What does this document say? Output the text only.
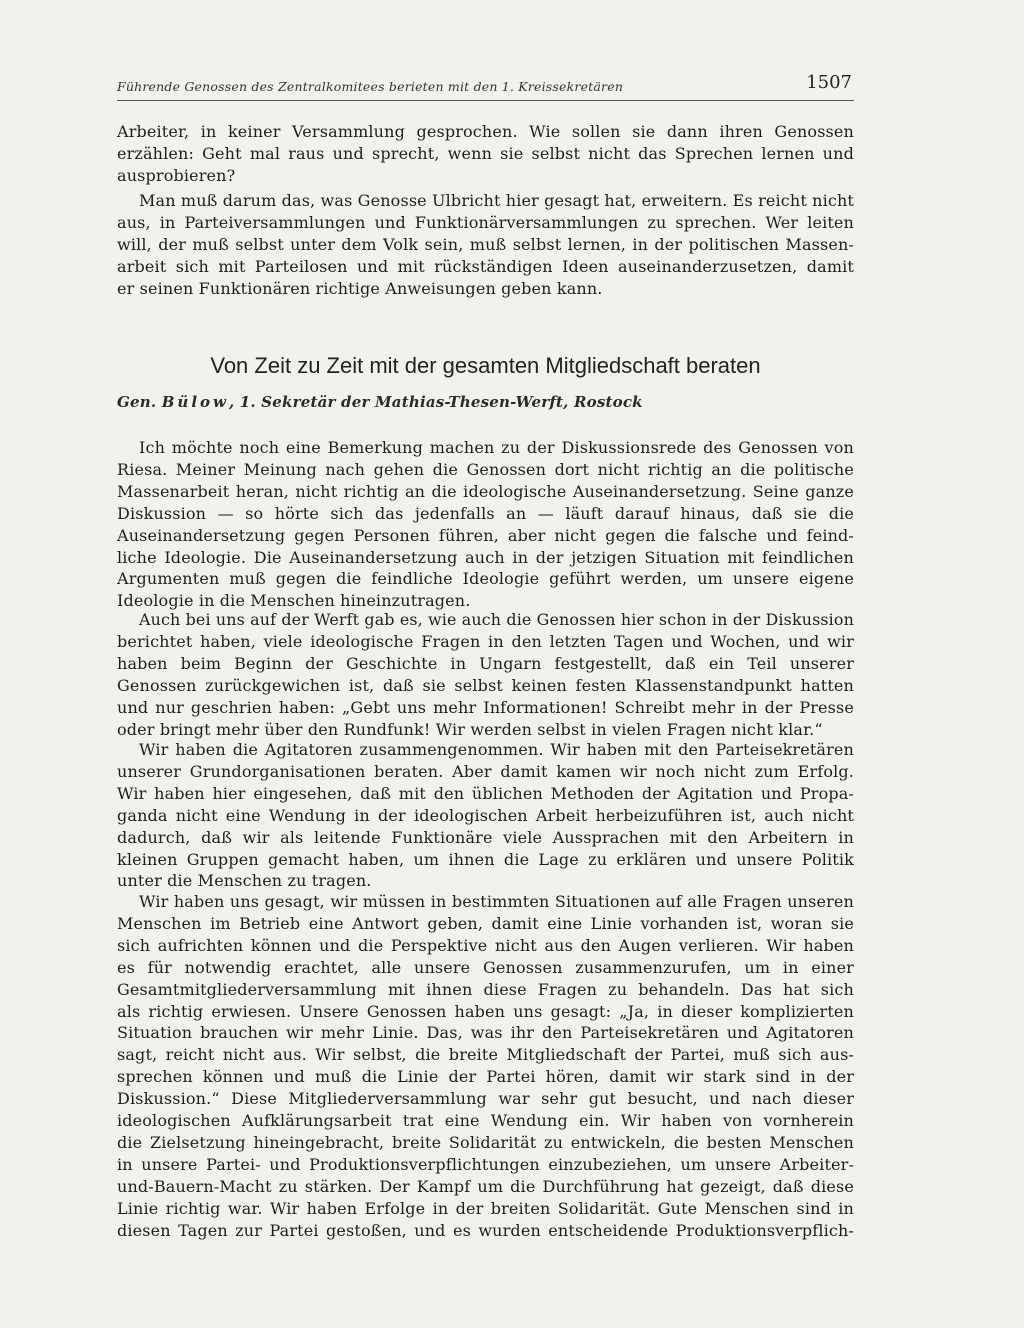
Führende Genossen des Zentralkomitees berieten mit den 1. Kreissekretären	1507
Arbeiter, in keiner Versammlung gesprochen. Wie sollen sie dann ihren Genossen
erzählen: Geht mal raus und sprecht, wenn sie selbst nicht das Sprechen lernen und
ausprobieren?
Man muß darum das, was Genosse Ulbricht hier gesagt hat, erweitern. Es reicht nicht
aus, in Parteiversammlungen und Funktionärversammlungen zu sprechen. Wer leiten
will, der muß selbst unter dem Volk sein, muß selbst lernen, in der politischen Massen-
arbeit sich mit Parteilosen und mit rückständigen Ideen auseinanderzusetzen, damit
er seinen Funktionären richtige Anweisungen geben kann.
Von Zeit zu Zeit mit der gesamten Mitgliedschaft beraten
Gen. Bülow, 1. Sekretär der Mathias-Thesen-Werft, Rostock
Ich möchte noch eine Bemerkung machen zu der Diskussionsrede des Genossen von
Riesa. Meiner Meinung nach gehen die Genossen dort nicht richtig an die politische
Massenarbeit heran, nicht richtig an die ideologische Auseinandersetzung. Seine ganze
Diskussion — so hörte sich das jedenfalls an — läuft darauf hinaus, daß sie die
Auseinandersetzung gegen Personen führen, aber nicht gegen die falsche und feind-
liche Ideologie. Die Auseinandersetzung auch in der jetzigen Situation mit feindlichen
Argumenten muß gegen die feindliche Ideologie geführt werden, um unsere eigene
Ideologie in die Menschen hineinzutragen.
Auch bei uns auf der Werft gab es, wie auch die Genossen hier schon in der Diskussion
berichtet haben, viele ideologische Fragen in den letzten Tagen und Wochen, und wir
haben beim Beginn der Geschichte in Ungarn festgestellt, daß ein Teil unserer
Genossen zurückgewichen ist, daß sie selbst keinen festen Klassenstandpunkt hatten
und nur geschrien haben: „Gebt uns mehr Informationen! Schreibt mehr in der Presse
oder bringt mehr über den Rundfunk! Wir werden selbst in vielen Fragen nicht klar.“
Wir haben die Agitatoren zusammengenommen. Wir haben mit den Parteisekretären
unserer Grundorganisationen beraten. Aber damit kamen wir noch nicht zum Erfolg.
Wir haben hier eingesehen, daß mit den üblichen Methoden der Agitation und Propa-
ganda nicht eine Wendung in der ideologischen Arbeit herbeizuführen ist, auch nicht
dadurch, daß wir als leitende Funktionäre viele Aussprachen mit den Arbeitern in
kleinen Gruppen gemacht haben, um ihnen die Lage zu erklären und unsere Politik
unter die Menschen zu tragen.
Wir haben uns gesagt, wir müssen in bestimmten Situationen auf alle Fragen unseren
Menschen im Betrieb eine Antwort geben, damit eine Linie vorhanden ist, woran sie
sich aufrichten können und die Perspektive nicht aus den Augen verlieren. Wir haben
es für notwendig erachtet, alle unsere Genossen zusammenzurufen, um in einer
Gesamtmitgliederversammlung mit ihnen diese Fragen zu behandeln. Das hat sich
als richtig erwiesen. Unsere Genossen haben uns gesagt: „Ja, in dieser komplizierten
Situation brauchen wir mehr Linie. Das, was ihr den Parteisekretären und Agitatoren
sagt, reicht nicht aus. Wir selbst, die breite Mitgliedschaft der Partei, muß sich aus-
sprechen können und muß die Linie der Partei hören, damit wir stark sind in der
Diskussion.“ Diese Mitgliederversammlung war sehr gut besucht, und nach dieser
ideologischen Aufklärungsarbeit trat eine Wendung ein. Wir haben von vornherein
die Zielsetzung hineingebracht, breite Solidarität zu entwickeln, die besten Menschen
in unsere Partei- und Produktionsverpflichtungen einzubeziehen, um unsere Arbeiter-
und-Bauern-Macht zu stärken. Der Kampf um die Durchführung hat gezeigt, daß diese
Linie richtig war. Wir haben Erfolge in der breiten Solidarität. Gute Menschen sind in
diesen Tagen zur Partei gestoßen, und es wurden entscheidende Produktionsverpflich-
